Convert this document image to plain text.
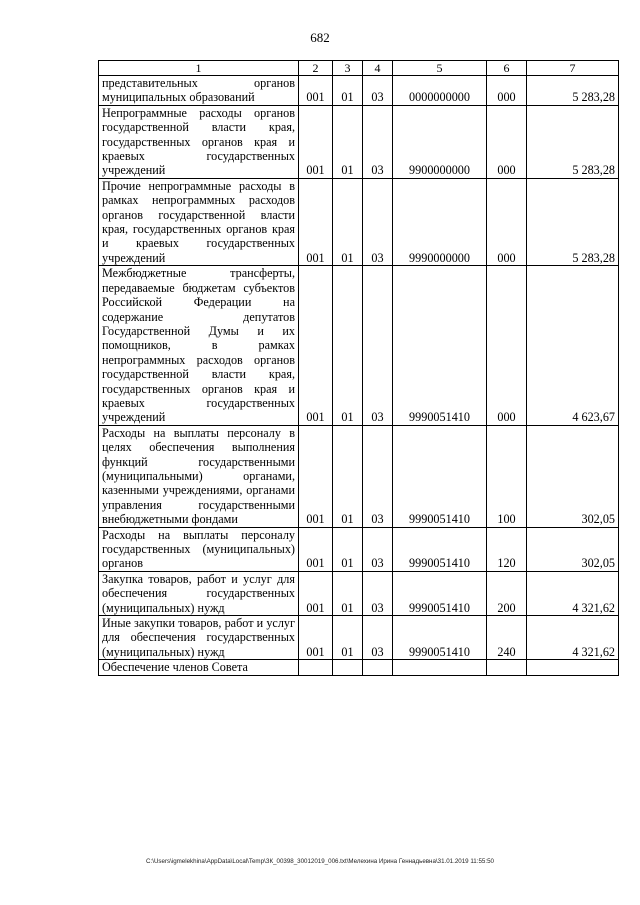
682
1	2	3	4	5	6	7
представительных органов муниципальных образований	001	01	03	0000000000	000	5 283,28
Непрограммные расходы органов государственной власти края, государственных органов края и краевых государственных учреждений	001	01	03	9900000000	000	5 283,28
Прочие непрограммные расходы в рамках непрограммных расходов органов государственной власти края, государственных органов края и краевых государственных учреждений	001	01	03	9990000000	000	5 283,28
Межбюджетные трансферты, передаваемые бюджетам субъектов Российской Федерации на содержание депутатов Государственной Думы и их помощников, в рамках непрограммных расходов органов государственной власти края, государственных органов края и краевых государственных учреждений	001	01	03	9990051410	000	4 623,67
Расходы на выплаты персоналу в целях обеспечения выполнения функций государственными (муниципальными) органами, казенными учреждениями, органами управления государственными внебюджетными фондами	001	01	03	9990051410	100	302,05
Расходы на выплаты персоналу государственных (муниципальных) органов	001	01	03	9990051410	120	302,05
Закупка товаров, работ и услуг для обеспечения государственных (муниципальных) нужд	001	01	03	9990051410	200	4 321,62
Иные закупки товаров, работ и услуг для обеспечения государственных (муниципальных) нужд	001	01	03	9990051410	240	4 321,62
Обеспечение членов Совета						
C:\Users\igmelekhina\AppData\Local\Temp\ЗК_00398_30012019_006.txt\Мелехина Ирина Геннадьевна\31.01.2019 11:55:50
